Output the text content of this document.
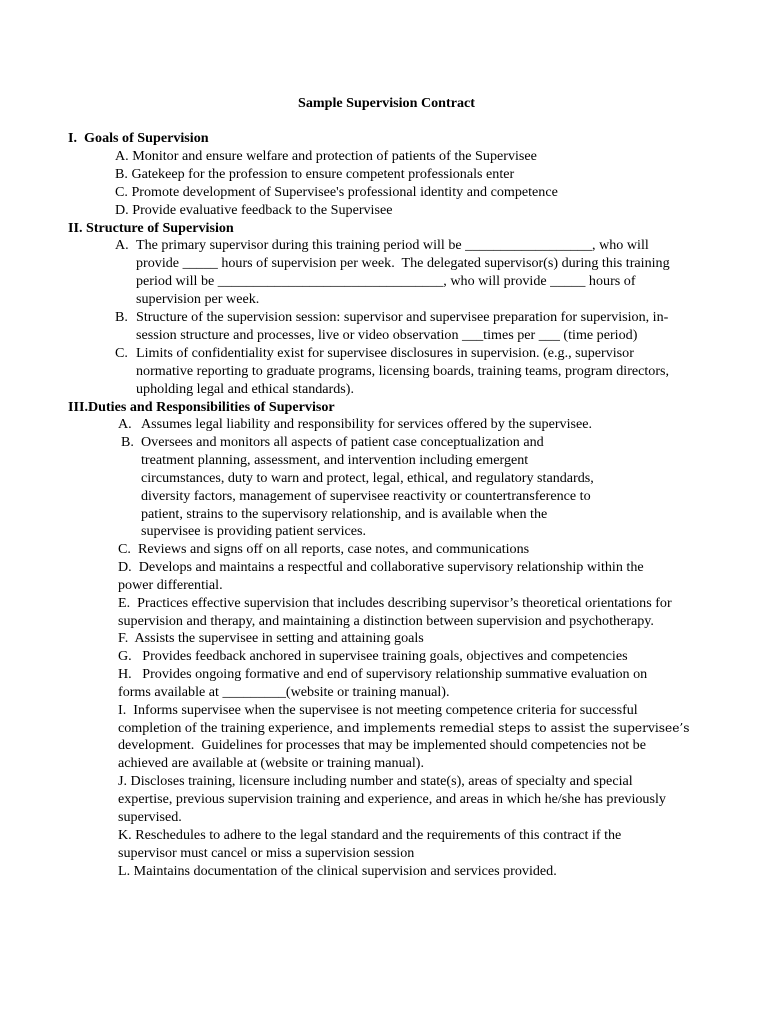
Sample Supervision Contract
I.  Goals of Supervision
A. Monitor and ensure welfare and protection of patients of the Supervisee
B. Gatekeep for the profession to ensure competent professionals enter
C. Promote development of Supervisee's professional identity and competence
D. Provide evaluative feedback to the Supervisee
II. Structure of Supervision
A. The primary supervisor during this training period will be __________________, who will
provide _____ hours of supervision per week.  The delegated supervisor(s) during this training
period will be ________________________________, who will provide _____ hours of
supervision per week.
B. Structure of the supervision session: supervisor and supervisee preparation for supervision, in-
session structure and processes, live or video observation ___times per ___ (time period)
C. Limits of confidentiality exist for supervisee disclosures in supervision. (e.g., supervisor
normative reporting to graduate programs, licensing boards, training teams, program directors,
upholding legal and ethical standards).
III.Duties and Responsibilities of Supervisor
A. Assumes legal liability and responsibility for services offered by the supervisee.
B. Oversees and monitors all aspects of patient case conceptualization and
treatment planning, assessment, and intervention including emergent
circumstances, duty to warn and protect, legal, ethical, and regulatory standards,
diversity factors, management of supervisee reactivity or countertransference to
patient, strains to the supervisory relationship, and is available when the
supervisee is providing patient services.
C.  Reviews and signs off on all reports, case notes, and communications
D.  Develops and maintains a respectful and collaborative supervisory relationship within the
power differential.
E.  Practices effective supervision that includes describing supervisor’s theoretical orientations for
supervision and therapy, and maintaining a distinction between supervision and psychotherapy.
F.  Assists the supervisee in setting and attaining goals
G.   Provides feedback anchored in supervisee training goals, objectives and competencies
H.   Provides ongoing formative and end of supervisory relationship summative evaluation on
forms available at _________(website or training manual).
I.  Informs supervisee when the supervisee is not meeting competence criteria for successful
completion of the training experience, and implements remedial steps to assist the supervisee’s
development.  Guidelines for processes that may be implemented should competencies not be
achieved are available at (website or training manual).
J. Discloses training, licensure including number and state(s), areas of specialty and special
expertise, previous supervision training and experience, and areas in which he/she has previously
supervised.
K. Reschedules to adhere to the legal standard and the requirements of this contract if the
supervisor must cancel or miss a supervision session
L. Maintains documentation of the clinical supervision and services provided.
